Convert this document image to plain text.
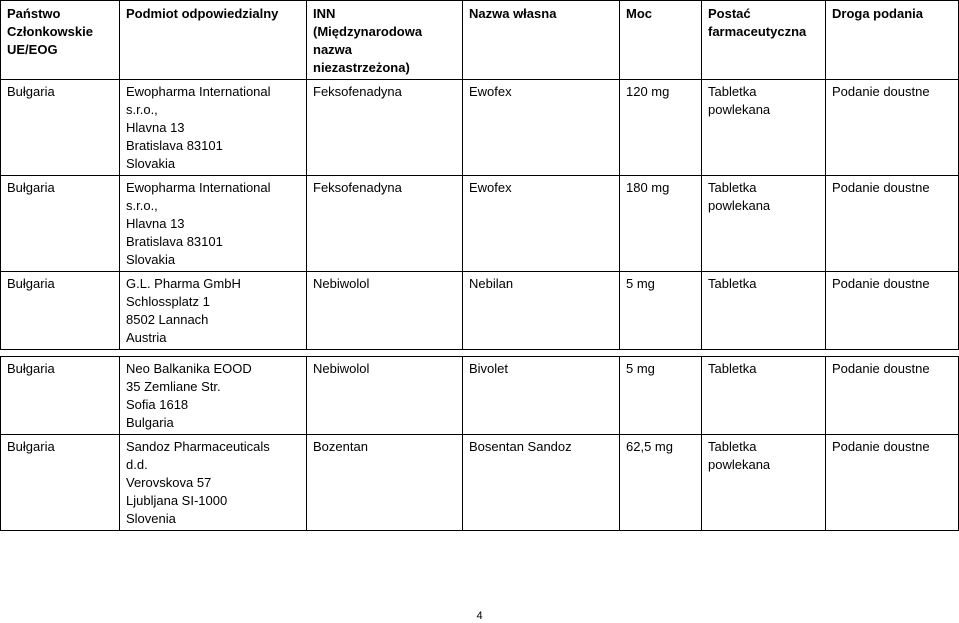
Państwo
Członkowskie
UE/EOG	Podmiot odpowiedzialny	INN
(Międzynarodowa
nazwa
niezastrzeżona)	Nazwa własna	Moc	Postać
farmaceutyczna	Droga podania
Bułgaria	Ewopharma International
s.r.o.,
Hlavna 13
Bratislava 83101
Slovakia	Feksofenadyna	Ewofex	120 mg	Tabletka
powlekana	Podanie doustne
Bułgaria	Ewopharma International
s.r.o.,
Hlavna 13
Bratislava 83101
Slovakia	Feksofenadyna	Ewofex	180 mg	Tabletka
powlekana	Podanie doustne
Bułgaria	G.L. Pharma GmbH
Schlossplatz 1
8502 Lannach
Austria	Nebiwolol	Nebilan	5 mg	Tabletka	Podanie doustne

Bułgaria	Neo Balkanika EOOD
35 Zemliane Str.
Sofia 1618
Bulgaria	Nebiwolol	Bivolet	5 mg	Tabletka	Podanie doustne
Bułgaria	Sandoz Pharmaceuticals
d.d.
Verovskova 57
Ljubljana SI-1000
Slovenia	Bozentan	Bosentan Sandoz	62,5 mg	Tabletka
powlekana	Podanie doustne
4
